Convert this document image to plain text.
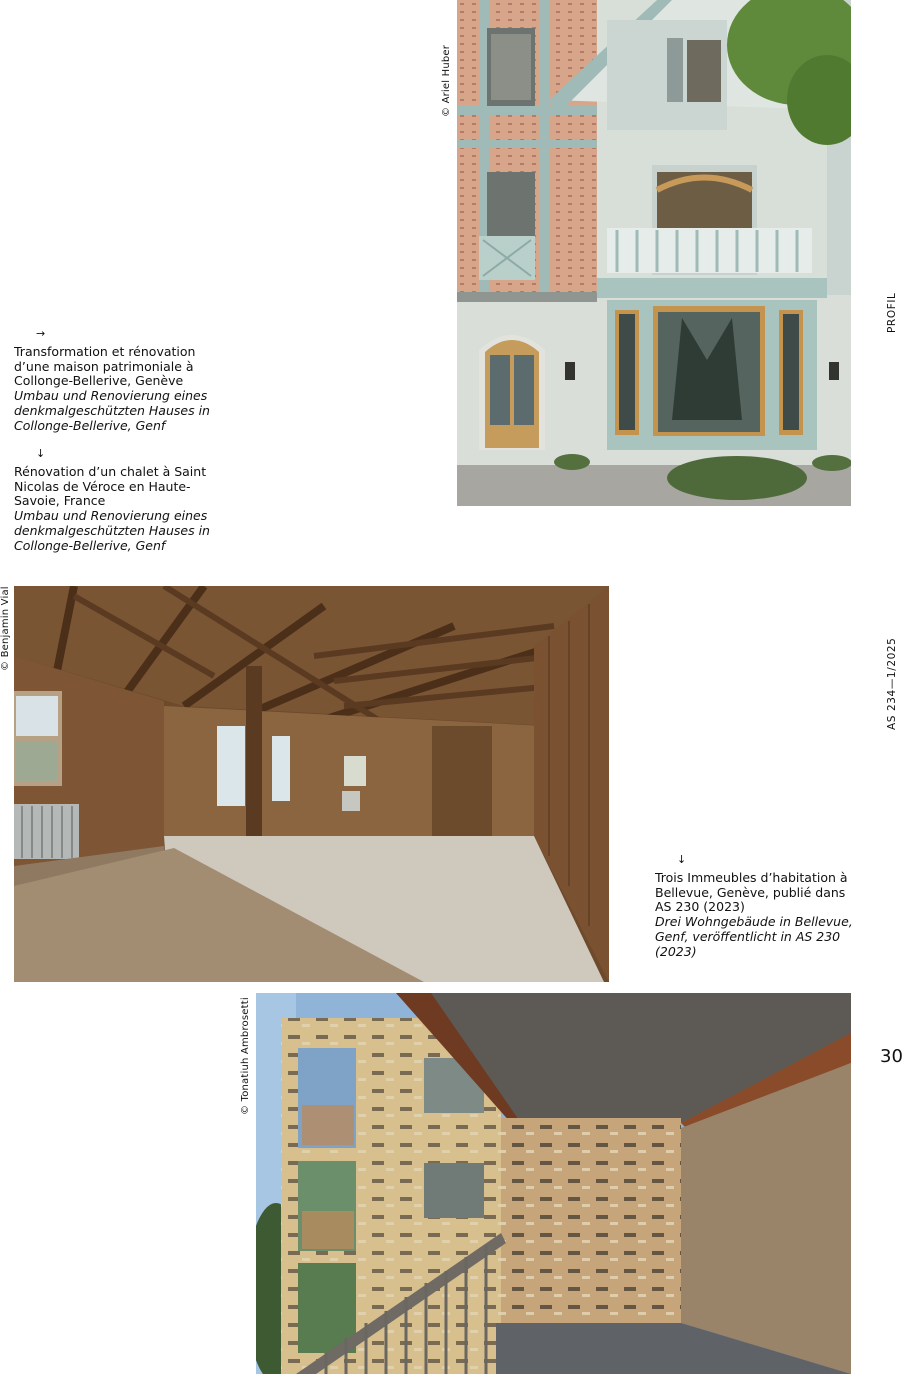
© Ariel Huber
→
Transformation et rénovation d’une maison patrimoniale à Collonge-Bellerive, Genève
Umbau und Renovierung eines denkmalgeschützten Hauses in Collonge-Bellerive, Genf
↓
Rénovation d’un chalet à Saint Nicolas de Véroce en Haute-Savoie, France
Umbau und Renovierung eines denkmalgeschützten Hauses in Collonge-Bellerive, Genf
© Benjamin Vial
PROFIL
AS 234—1/2025
↓
Trois Immeubles d’habitation à Bellevue, Genève, publié dans AS 230 (2023)
Drei Wohngebäude in Bellevue, Genf, veröffentlicht in AS 230 (2023)
30
© Tonatiuh Ambrosetti
